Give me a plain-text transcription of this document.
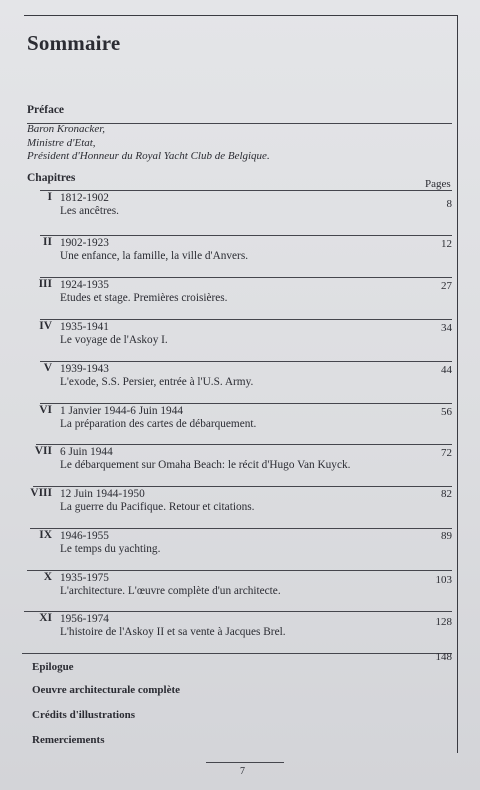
Sommaire
Préface
Baron Kronacker,
Ministre d'Etat,
Président d'Honneur du Royal Yacht Club de Belgique.
Chapitres	Pages
I 1812-1902
Les ancêtres.
8
II 1902-1923
Une enfance, la famille, la ville d'Anvers.
12
III 1924-1935
Etudes et stage. Premières croisières.
27
IV 1935-1941
Le voyage de l'Askoy I.
34
V 1939-1943
L'exode, S.S. Persier, entrée à l'U.S. Army.
44
VI 1 Janvier 1944-6 Juin 1944
La préparation des cartes de débarquement.
56
VII 6 Juin 1944
Le débarquement sur Omaha Beach: le récit d'Hugo Van Kuyck.
72
VIII 12 Juin 1944-1950
La guerre du Pacifique. Retour et citations.
82
IX 1946-1955
Le temps du yachting.
89
X 1935-1975
L'architecture. L'œuvre complète d'un architecte.
103
XI 1956-1974
L'histoire de l'Askoy II et sa vente à Jacques Brel.
128
Epilogue
148
Oeuvre architecturale complète
Crédits d'illustrations
Remerciements
7
